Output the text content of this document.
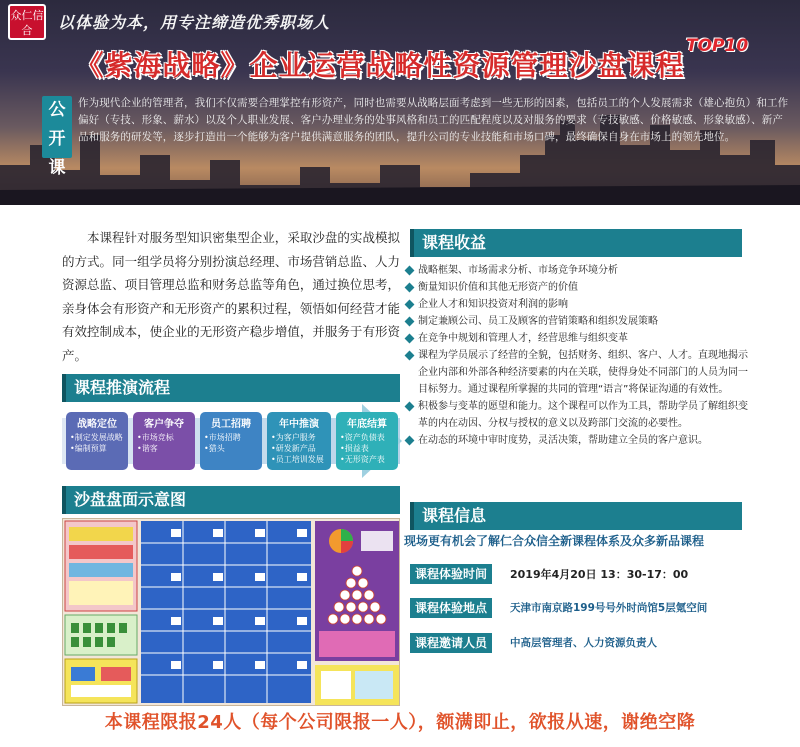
众仁信合	以体验为本，用专注缔造优秀职场人
《紫海战略》企业运营战略性资源管理沙盘课程
TOP10
公开课
作为现代企业的管理者，我们不仅需要合理掌控有形资产，同时也需要从战略层面考虑到一些无形的因素，包括员工的个人发展需求（雄心抱负）和工作偏好（专技、形象、薪水）以及个人职业发展、客户办理业务的处事风格和员工的匹配程度以及对服务的要求（专技敏感、价格敏感、形象敏感）、新产品和服务的研发等，逐步打造出一个能够为客户提供满意服务的团队，提升公司的专业技能和市场口碑，最终确保自身在市场上的领先地位。
本课程针对服务型知识密集型企业，采取沙盘的实战模拟的方式。同一组学员将分别扮演总经理、市场营销总监、人力资源总监、项目管理总监和财务总监等角色，通过换位思考，亲身体会有形资产和无形资产的累积过程，领悟如何经营才能有效控制成本，使企业的无形资产稳步增值，并服务于有形资产。
课程推演流程
战略定位
•制定发展战略
•编制预算
客户争夺
•市场竞标
•谐客
员工招聘
•市场招聘
•猎头
年中推演
•为客户服务
•研发新产品
•员工培训发展
年底结算
•资产负债表
•损益表
•无形资产表
沙盘盘面示意图
课程收益
战略框架、市场需求分析、市场竞争环境分析
衡量知识价值和其他无形资产的价值
企业人才和知识投资对利润的影响
制定兼顾公司、员工及顾客的营销策略和组织发展策略
在竞争中规划和管理人才，经营思维与组织变革
课程为学员展示了经营的全貌，包括财务、组织、客户、人才。直现地揭示企业内部和外部各种经济要素的内在关联，使得身处不同部门的人员为同一目标努力。通过课程所掌握的共同的管理“语言”将保证沟通的有效性。
积极参与变革的愿望和能力。这个课程可以作为工具，帮助学员了解组织变革的内在动因、分权与授权的意义以及跨部门交流的必要性。
在动态的环境中审时度势，灵活决策，帮助建立全员的客户意识。
课程信息
现场更有机会了解仁合众信全新课程体系及众多新品课程
课程体验时间	2019年4月20日 13：30-17：00
课程体验地点	天津市南京路199号号外时尚馆5层氪空间
课程邀请人员	中高层管理者、人力资源负责人
本课程限报24人（每个公司限报一人），额满即止，欲报从速，谢绝空降
